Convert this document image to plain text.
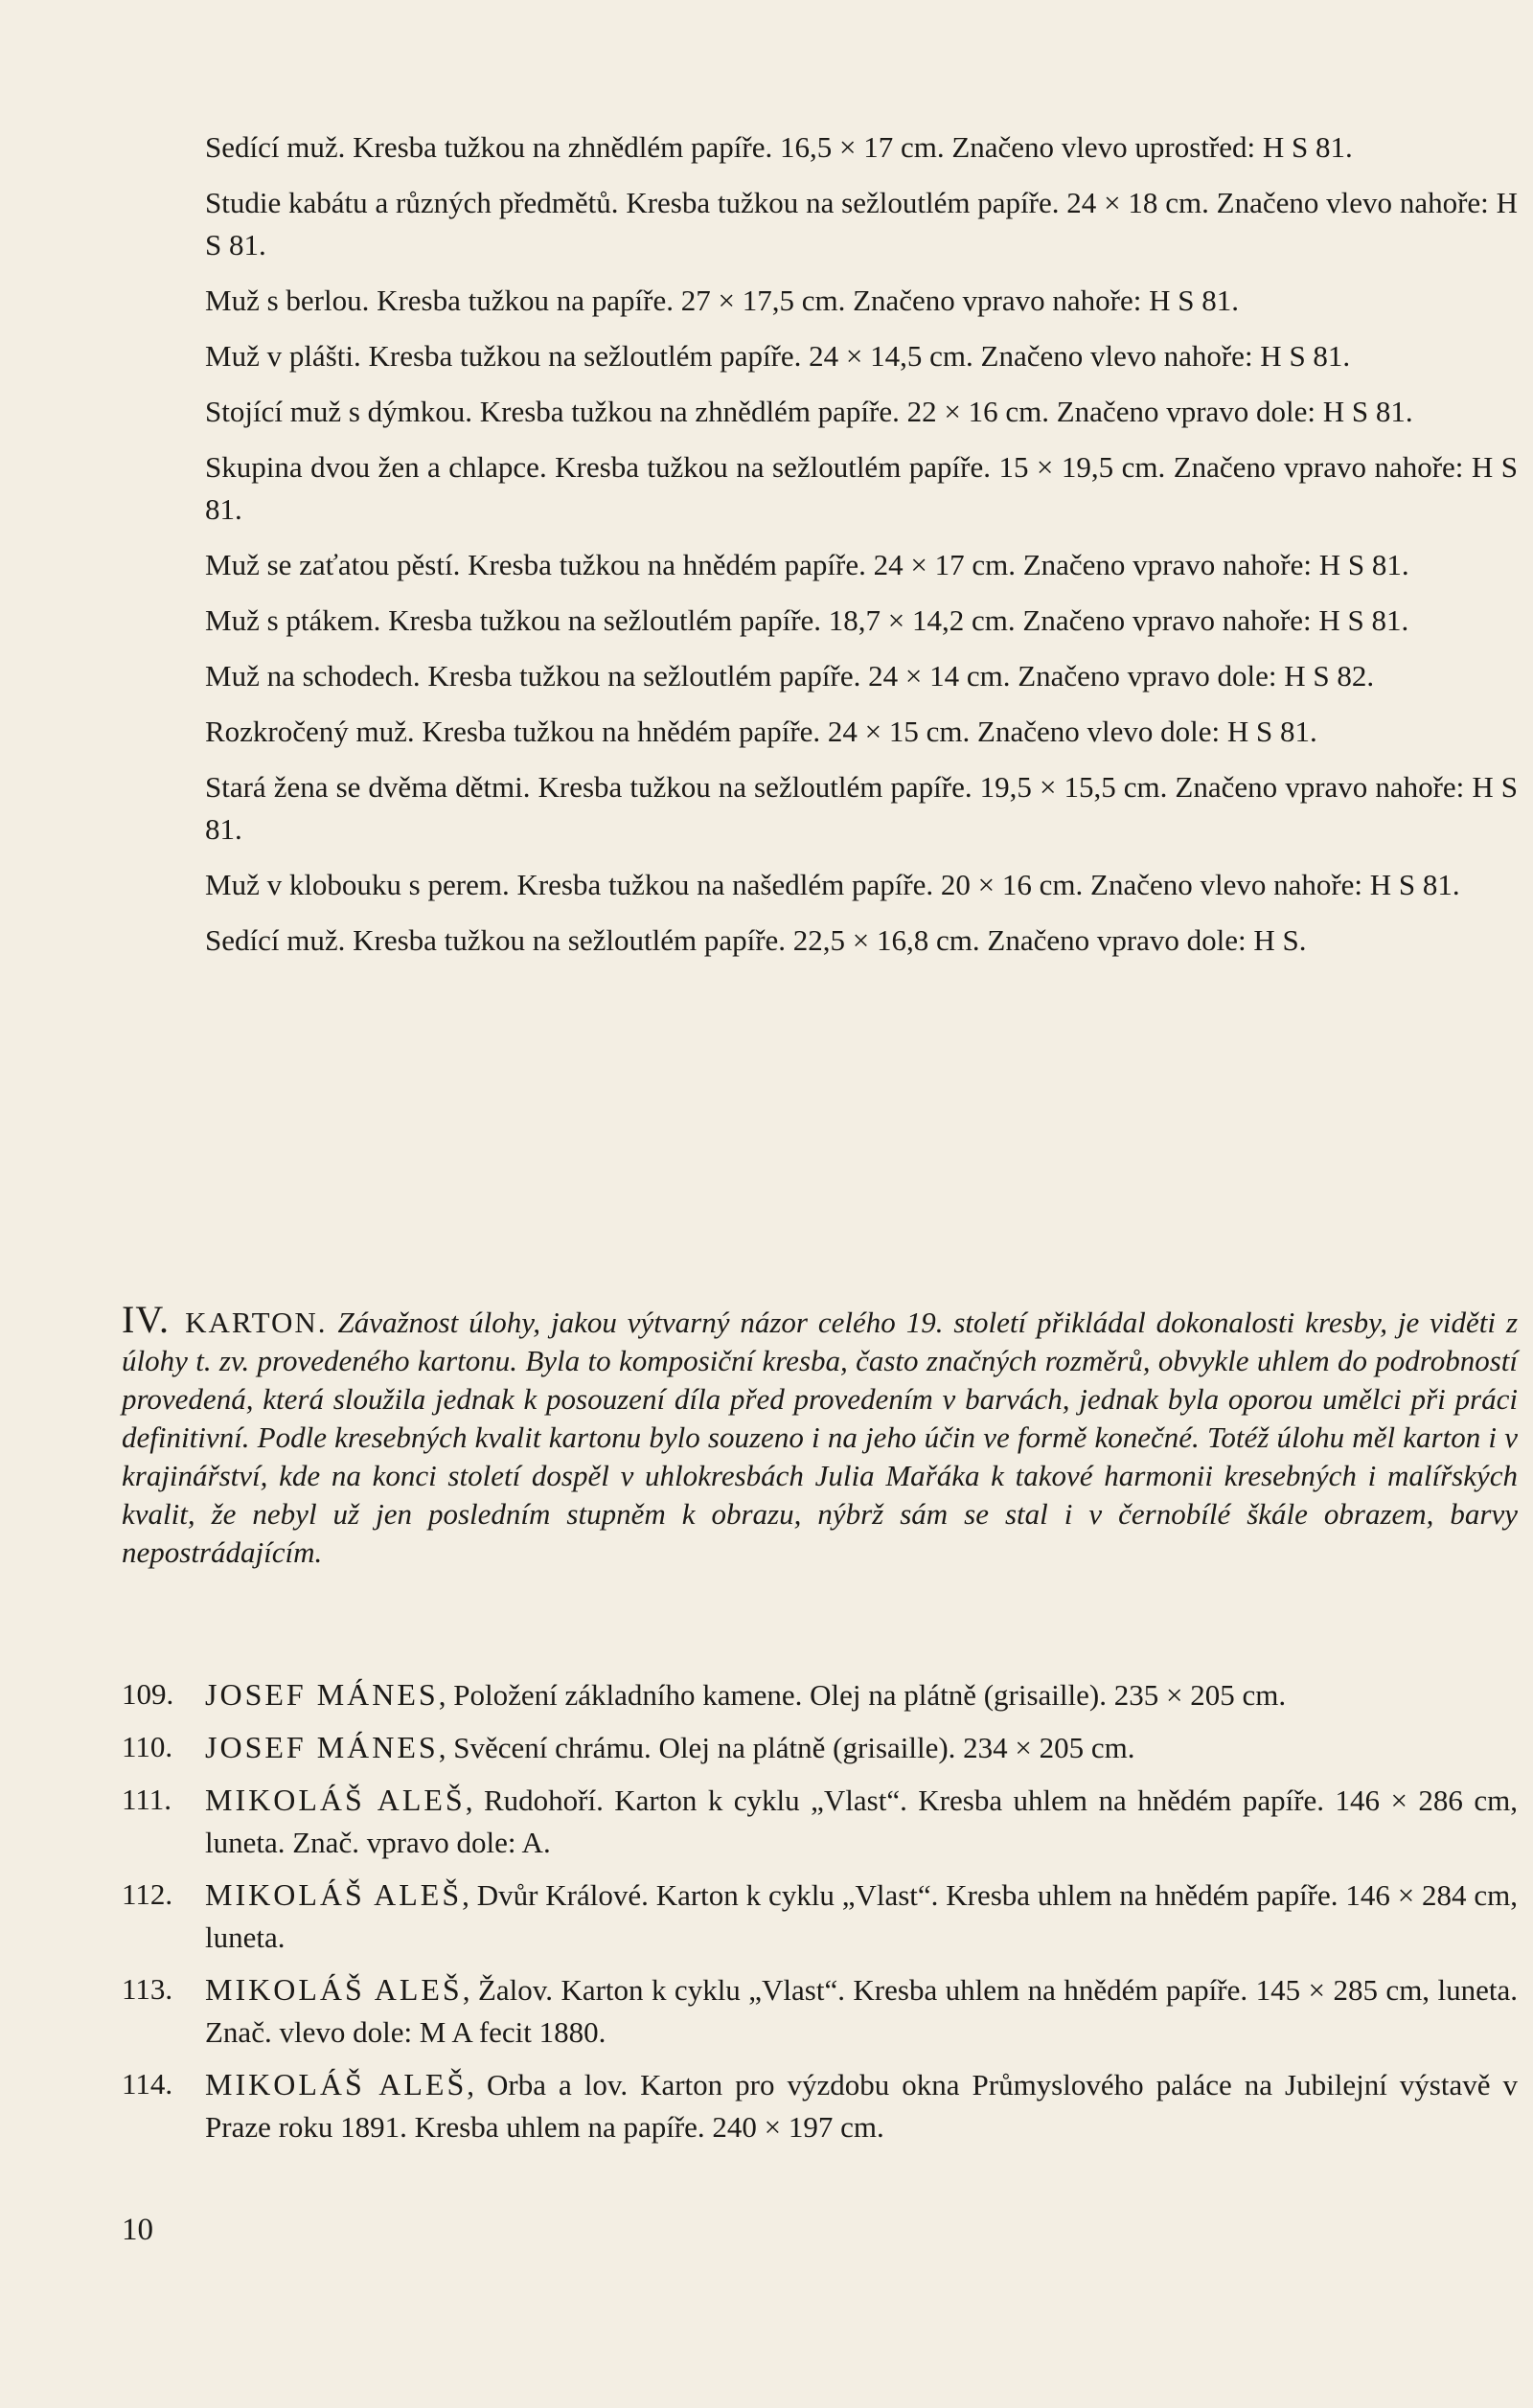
Sedící muž. Kresba tužkou na zhnědlém papíře. 16,5 × 17 cm. Značeno vlevo uprostřed: H S 81.
Studie kabátu a různých předmětů. Kresba tužkou na sežloutlém papíře. 24 × 18 cm. Značeno vlevo nahoře: H S 81.
Muž s berlou. Kresba tužkou na papíře. 27 × 17,5 cm. Značeno vpravo nahoře: H S 81.
Muž v plášti. Kresba tužkou na sežloutlém papíře. 24 × 14,5 cm. Značeno vlevo nahoře: H S 81.
Stojící muž s dýmkou. Kresba tužkou na zhnědlém papíře. 22 × 16 cm. Značeno vpravo dole: H S 81.
Skupina dvou žen a chlapce. Kresba tužkou na sežloutlém papíře. 15 × 19,5 cm. Značeno vpravo nahoře: H S 81.
Muž se zaťatou pěstí. Kresba tužkou na hnědém papíře. 24 × 17 cm. Značeno vpravo nahoře: H S 81.
Muž s ptákem. Kresba tužkou na sežloutlém papíře. 18,7 × 14,2 cm. Značeno vpravo nahoře: H S 81.
Muž na schodech. Kresba tužkou na sežloutlém papíře. 24 × 14 cm. Značeno vpravo dole: H S 82.
Rozkročený muž. Kresba tužkou na hnědém papíře. 24 × 15 cm. Značeno vlevo dole: H S 81.
Stará žena se dvěma dětmi. Kresba tužkou na sežloutlém papíře. 19,5 × 15,5 cm. Značeno vpravo nahoře: H S 81.
Muž v klobouku s perem. Kresba tužkou na našedlém papíře. 20 × 16 cm. Značeno vlevo nahoře: H S 81.
Sedící muž. Kresba tužkou na sežloutlém papíře. 22,5 × 16,8 cm. Značeno vpravo dole: H S.
IV. KARTON. Závažnost úlohy, jakou výtvarný názor celého 19. století přikládal dokonalosti kresby, je viděti z úlohy t. zv. provedeného kartonu. Byla to komposiční kresba, často značných rozměrů, obvykle uhlem do podrobností provedená, která sloužila jednak k posouzení díla před provedením v barvách, jednak byla oporou umělci při práci definitivní. Podle kresebných kvalit kartonu bylo souzeno i na jeho účin ve formě konečné. Totéž úlohu měl karton i v krajinářství, kde na konci století dospěl v uhlokresbách Julia Mařáka k takové harmonii kresebných i malířských kvalit, že nebyl už jen posledním stupněm k obrazu, nýbrž sám se stal i v černobílé škále obrazem, barvy nepostrádajícím.
109.	JOSEF MÁNES, Položení základního kamene. Olej na plátně (grisaille). 235 × 205 cm.
110.	JOSEF MÁNES, Svěcení chrámu. Olej na plátně (grisaille). 234 × 205 cm.
111.	MIKOLÁŠ ALEŠ, Rudohoří. Karton k cyklu „Vlast“. Kresba uhlem na hnědém papíře. 146 × 286 cm, luneta. Znač. vpravo dole: A.
112.	MIKOLÁŠ ALEŠ, Dvůr Králové. Karton k cyklu „Vlast“. Kresba uhlem na hnědém papíře. 146 × 284 cm, luneta.
113.	MIKOLÁŠ ALEŠ, Žalov. Karton k cyklu „Vlast“. Kresba uhlem na hnědém papíře. 145 × 285 cm, luneta. Znač. vlevo dole: M A fecit 1880.
114.	MIKOLÁŠ ALEŠ, Orba a lov. Karton pro výzdobu okna Průmyslového paláce na Jubilejní výstavě v Praze roku 1891. Kresba uhlem na papíře. 240 × 197 cm.
10
